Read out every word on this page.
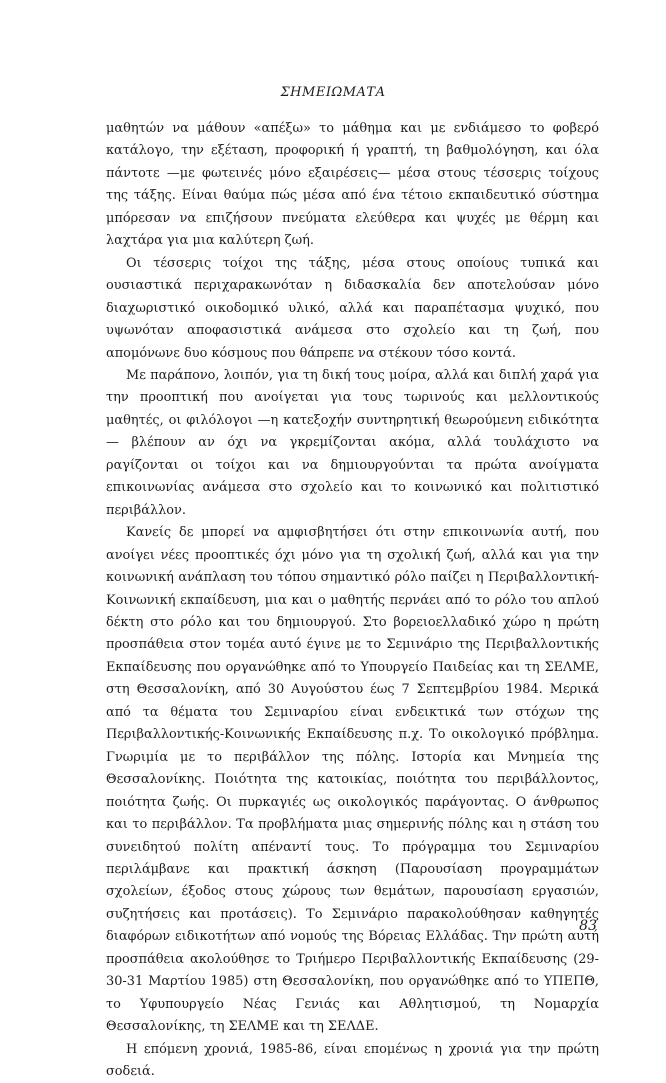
ΣΗΜΕΙΩΜΑΤΑ

μαθητών να μάθουν «απέξω» το μάθημα και με ενδιάμεσο το φοβερό κατάλογο, την εξέταση, προφορική ή γραπτή, τη βαθμολόγηση, και όλα πάντοτε —με φωτεινές μόνο εξαιρέσεις— μέσα στους τέσσερις τοίχους της τάξης. Είναι θαύμα πώς μέσα από ένα τέτοιο εκπαιδευτικό σύστημα μπόρεσαν να επιζήσουν πνεύματα ελεύθερα και ψυχές με θέρμη και λαχτάρα για μια καλύτερη ζωή.

Οι τέσσερις τοίχοι της τάξης, μέσα στους οποίους τυπικά και ουσιαστικά περιχαρακωνόταν η διδασκαλία δεν αποτελούσαν μόνο διαχωριστικό οικοδομικό υλικό, αλλά και παραπέτασμα ψυχικό, που υψωνόταν αποφασιστικά ανάμεσα στο σχολείο και τη ζωή, που απομόνωνε δυο κόσμους που θάπρεπε να στέκουν τόσο κοντά.

Με παράπονο, λοιπόν, για τη δική τους μοίρα, αλλά και διπλή χαρά για την προοπτική που ανοίγεται για τους τωρινούς και μελλοντικούς μαθητές, οι φιλόλογοι —η κατεξοχήν συντηρητική θεωρούμενη ειδικότητα— βλέπουν αν όχι να γκρεμίζονται ακόμα, αλλά τουλάχιστο να ραγίζονται οι τοίχοι και να δημιουργούνται τα πρώτα ανοίγματα επικοινωνίας ανάμεσα στο σχολείο και το κοινωνικό και πολιτιστικό περιβάλλον.

Κανείς δε μπορεί να αμφισβητήσει ότι στην επικοινωνία αυτή, που ανοίγει νέες προοπτικές όχι μόνο για τη σχολική ζωή, αλλά και για την κοινωνική ανάπλαση του τόπου σημαντικό ρόλο παίζει η Περιβαλλοντική-Κοινωνική εκπαίδευση, μια και ο μαθητής περνάει από το ρόλο του απλού δέκτη στο ρόλο και του δημιουργού. Στο βορειοελλαδικό χώρο η πρώτη προσπάθεια στον τομέα αυτό έγινε με το Σεμινάριο της Περιβαλλοντικής Εκπαίδευσης που οργανώθηκε από το Υπουργείο Παιδείας και τη ΣΕΛΜΕ, στη Θεσσαλονίκη, από 30 Αυγούστου έως 7 Σεπτεμβρίου 1984. Μερικά από τα θέματα του Σεμιναρίου είναι ενδεικτικά των στόχων της Περιβαλλοντικής-Κοινωνικής Εκπαίδευσης π.χ. Το οικολογικό πρόβλημα. Γνωριμία με το περιβάλλον της πόλης. Ιστορία και Μνημεία της Θεσσαλονίκης. Ποιότητα της κατοικίας, ποιότητα του περιβάλλοντος, ποιότητα ζωής. Οι πυρκαγιές ως οικολογικός παράγοντας. Ο άνθρωπος και το περιβάλλον. Τα προβλήματα μιας σημερινής πόλης και η στάση του συνειδητού πολίτη απέναντί τους. Το πρόγραμμα του Σεμιναρίου περιλάμβανε και πρακτική άσκηση (Παρουσίαση προγραμμάτων σχολείων, έξοδος στους χώρους των θεμάτων, παρουσίαση εργασιών, συζητήσεις και προτάσεις). Το Σεμινάριο παρακολούθησαν καθηγητές διαφόρων ειδικοτήτων από νομούς της Βόρειας Ελλάδας. Την πρώτη αυτή προσπάθεια ακολούθησε το Τριήμερο Περιβαλλοντικής Εκπαίδευσης (29-30-31 Μαρτίου 1985) στη Θεσσαλονίκη, που οργανώθηκε από το ΥΠΕΠΘ, το Υφυπουργείο Νέας Γενιάς και Αθλητισμού, τη Νομαρχία Θεσσαλονίκης, τη ΣΕΛΜΕ και τη ΣΕΛΔΕ.

Η επόμενη χρονιά, 1985-86, είναι επομένως η χρονιά για την πρώτη σοδειά.

83
